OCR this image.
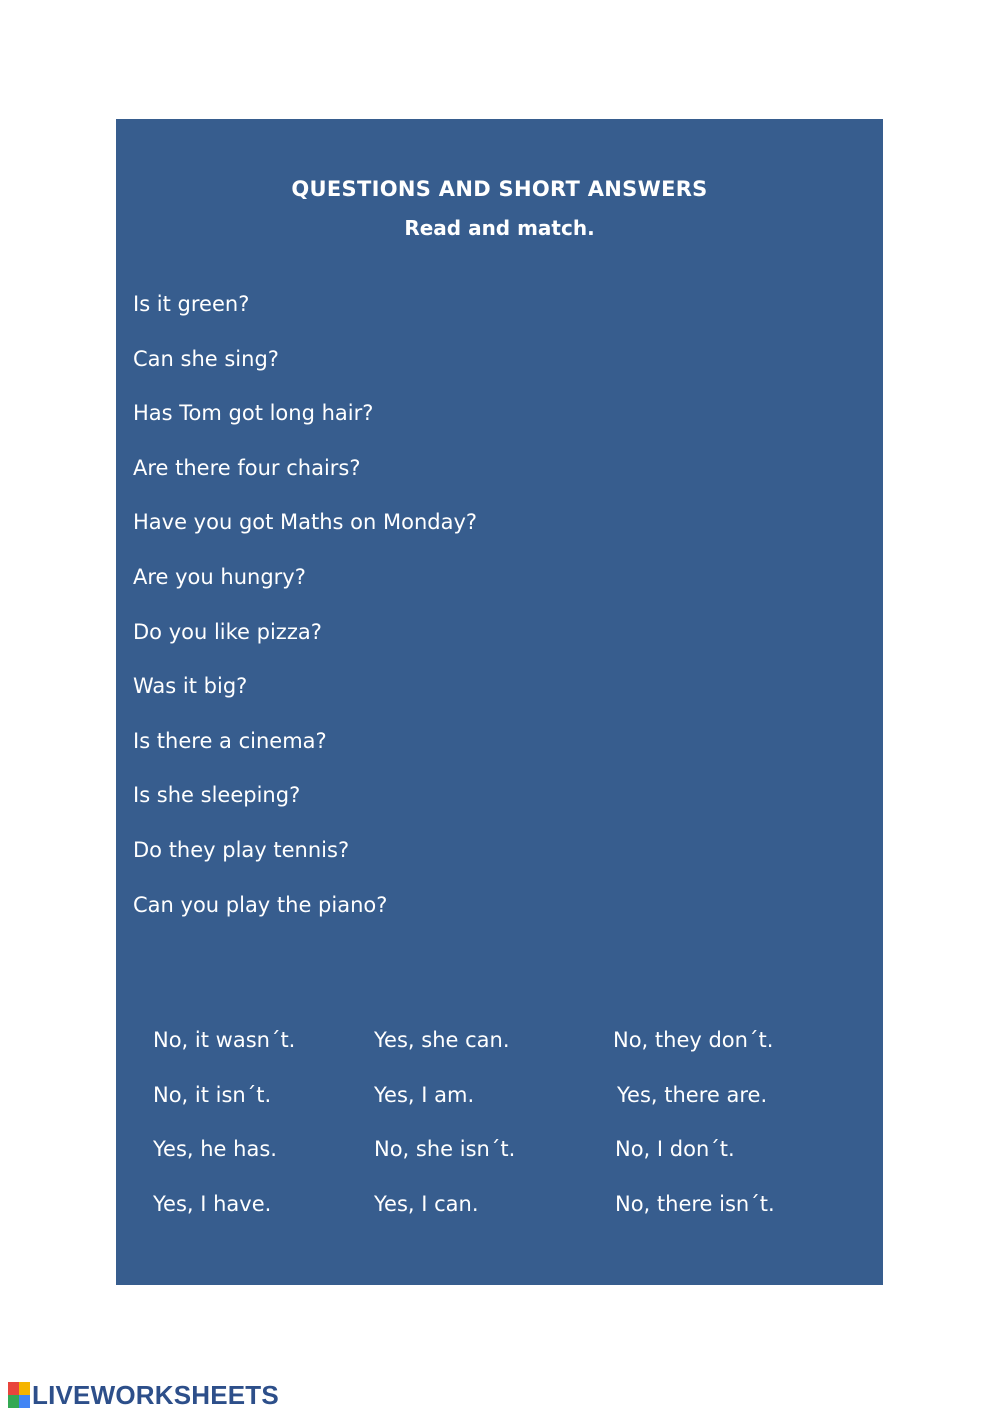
QUESTIONS AND SHORT ANSWERS
Read and match.
Is it green?
Can she sing?
Has Tom got long hair?
Are there four chairs?
Have you got Maths on Monday?
Are you hungry?
Do you like pizza?
Was it big?
Is there a cinema?
Is she sleeping?
Do they play tennis?
Can you play the piano?
No, it wasn´t.	Yes, she can.	No, they don´t.
No, it isn´t.	Yes, I am.	Yes, there are.
Yes, he has.	No, she isn´t.	No, I don´t.
Yes, I have.	Yes, I can.	No, there isn´t.
LIVEWORKSHEETS
